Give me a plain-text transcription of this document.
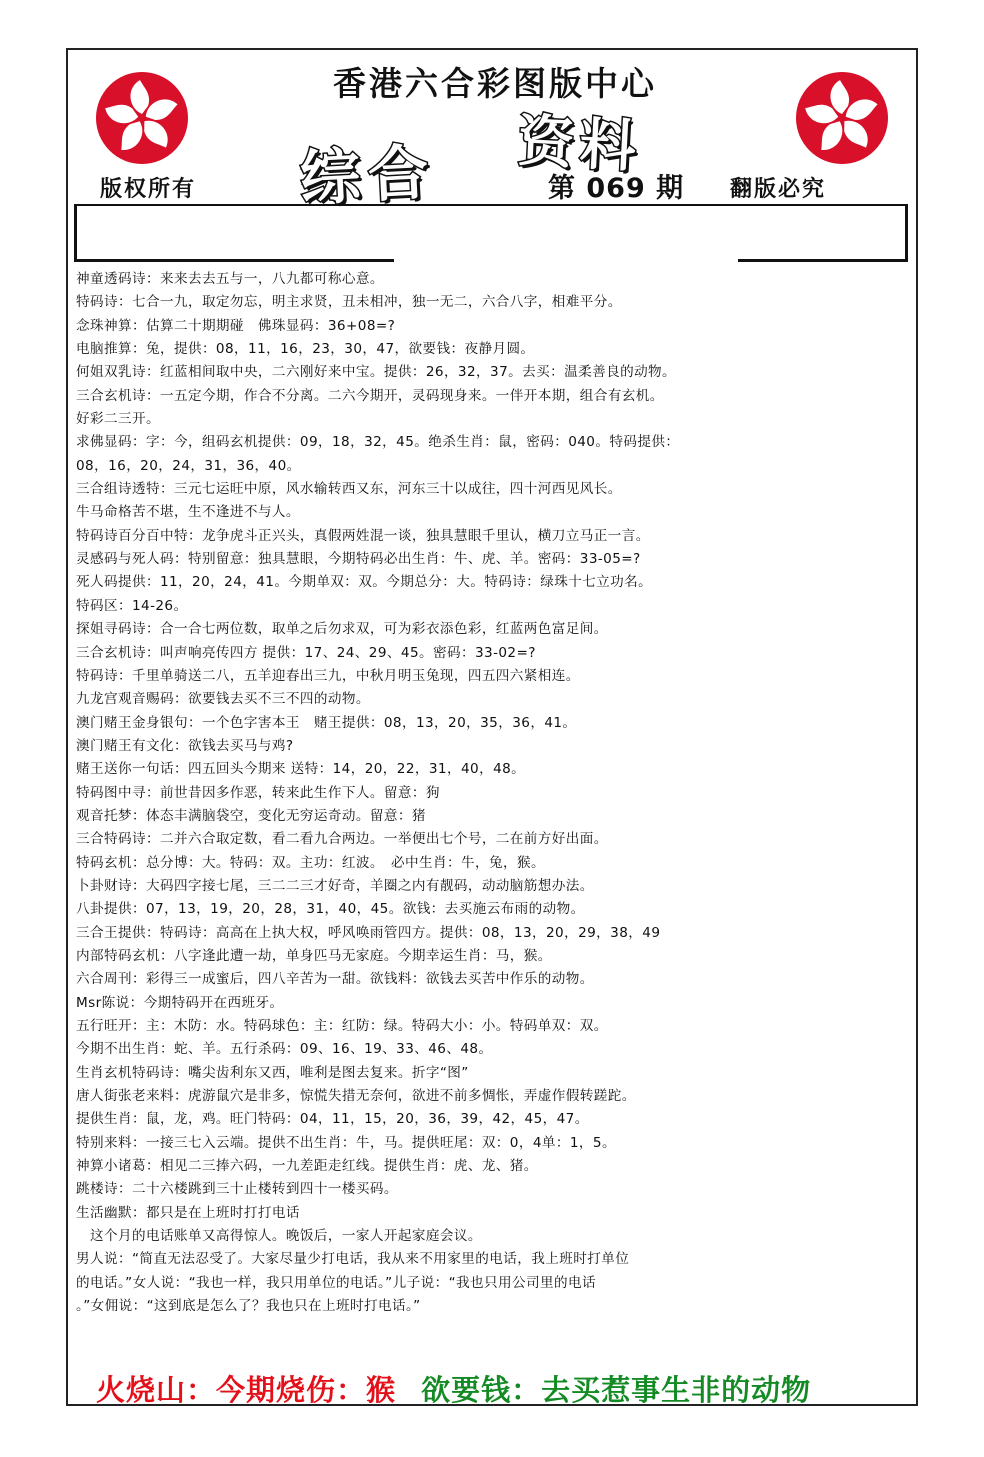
香港六合彩图版中心
综合 资料
版权所有	翻版必究
第 069 期
神童透码诗：来来去去五与一，八九都可称心意。
特码诗：七合一九，取定勿忘，明主求贤，丑未相冲，独一无二，六合八字，相难平分。
念珠神算：估算二十期期碰　佛珠显码：36+08=?
电脑推算：兔，提供：08，11，16，23，30，47，欲要钱：夜静月圆。
何姐双乳诗：红蓝相间取中央，二六刚好来中宝。提供：26，32，37。去买：温柔善良的动物。
三合玄机诗：一五定今期，作合不分离。二六今期开，灵码现身来。一伴开本期，组合有玄机。
好彩二三开。
求佛显码：字：今，组码玄机提供：09，18，32，45。绝杀生肖：鼠，密码：040。特码提供：
08，16，20，24，31，36，40。
三合组诗透特：三元七运旺中原，风水输转西又东，河东三十以成往，四十河西见风长。
牛马命格苦不堪，生不逢进不与人。
特码诗百分百中特：龙争虎斗正兴头，真假两姓混一谈，独具慧眼千里认，横刀立马正一言。
灵感码与死人码：特别留意：独具慧眼，今期特码必出生肖：牛、虎、羊。密码：33-05=?
死人码提供：11，20，24，41。今期单双：双。今期总分：大。特码诗：绿珠十七立功名。
特码区：14-26。
探姐寻码诗：合一合七两位数，取单之后勿求双，可为彩衣添色彩，红蓝两色富足间。
三合玄机诗：叫声响亮传四方 提供：17、24、29、45。密码：33-02=?
特码诗：千里单骑送二八，五羊迎春出三九，中秋月明玉兔现，四五四六紧相连。
九龙宫观音赐码：欲要钱去买不三不四的动物。
澳门赌王金身银句：一个色字害本王　赌王提供：08，13，20，35，36，41。
澳门赌王有文化：欲钱去买马与鸡?
赌王送你一句话：四五回头今期来 送特：14，20，22，31，40，48。
特码图中寻：前世昔因多作恶，转来此生作下人。留意：狗
观音托梦：体态丰满脑袋空，变化无穷运奇动。留意：猪
三合特码诗：二并六合取定数，看二看九合两边。一举便出七个号，二在前方好出面。
特码玄机：总分博：大。特码：双。主功：红波。　必中生肖：牛，兔，猴。
卜卦财诗：大码四字接七尾，三二二三才好奇，羊圈之内有靓码，动动脑筋想办法。
八卦提供：07，13，19，20，28，31，40，45。欲钱：去买施云布雨的动物。
三合王提供：特码诗：高高在上执大权，呼风唤雨管四方。提供：08，13，20，29，38，49
内部特码玄机：八字逢此遭一劫，单身匹马无家庭。今期幸运生肖：马，猴。
六合周刊：彩得三一成蜜后，四八辛苦为一甜。欲钱料：欲钱去买苦中作乐的动物。
Msr陈说：今期特码开在西班牙。
五行旺开：主：木防：水。特码球色：主：红防：绿。特码大小：小。特码单双：双。
今期不出生肖：蛇、羊。五行杀码：09、16、19、33、46、48。
生肖玄机特码诗：嘴尖齿利东又西，唯利是图去复来。折字“图”
唐人街张老来料：虎游鼠穴是非多，惊慌失措无奈何，欲进不前多惆怅，弄虚作假转蹉跎。
提供生肖：鼠，龙，鸡。旺门特码：04，11，15，20，36，39，42，45，47。
特别来料：一接三七入云端。提供不出生肖：牛，马。提供旺尾：双：0，4单：1，5。
神算小诸葛：相见二三捧六码，一九差距走红线。提供生肖：虎、龙、猪。
跳楼诗：二十六楼跳到三十止楼转到四十一楼买码。
生活幽默：都只是在上班时打打电话
　这个月的电话账单又高得惊人。晚饭后，一家人开起家庭会议。
男人说：“简直无法忍受了。大家尽量少打电话，我从来不用家里的电话，我上班时打单位
的电话。”女人说：“我也一样，我只用单位的电话。”儿子说：“我也只用公司里的电话
。”女佣说：“这到底是怎么了？我也只在上班时打电话。”
火烧山：今期烧伤：猴 欲要钱：去买惹事生非的动物
